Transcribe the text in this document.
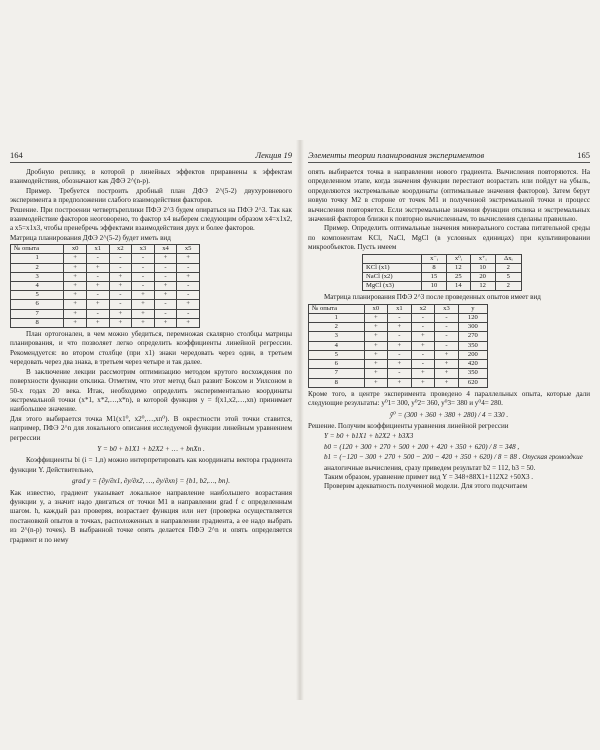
164	Лекция 19

Дробную реплику, в которой р линейных эффектов приравнены к эффектам взаимодействия, обозначают как ДФЭ 2^(n-p).

Пример. Требуется построить дробный план ДФЭ 2^(5-2) двухуровневого эксперимента в предположении слабого взаимодействия факторов.

Решение. При построении четвертьреплики ПФЭ 2^3 будем опираться на ПФЭ 2^3. Так как взаимодействие факторов неоговорено, то фактор x4 выберем следующим образом x4=x1x2, а x5=x1x3, чтобы пренебречь эффектами взаимодействия двух и более факторов.

Матрица планирования ДФЭ 2^(5-2) будет иметь вид

№ опыта	x0	x1	x2	x3	x4	x5
1	+	-	-	-	+	+
2	+	+	-	-	-	-
3	+	-	+	-	-	+
4	+	+	+	-	+	-
5	+	-	-	+	+	-
6	+	+	-	+	-	+
7	+	-	+	+	-	-
8	+	+	+	+	+	+

План ортогонален, в чем можно убедиться, перемножая скалярно столбцы матрицы планирования, и что позволяет легко определить коэффициенты линейной регрессии. Рекомендуется: во втором столбце (при x1) знаки чередовать через один, в третьем чередовать через два знака, в третьем через четыре и так далее.

В заключение лекции рассмотрим оптимизацию методом крутого восхождения по поверхности функции отклика. Отметим, что этот метод был развит Боксом и Уилсоном в 50-х годах 20 века. Итак, необходимо определить экспериментально координаты экстремальной точки (x*1, x*2,…,x*n), в которой функция y = f(x1,x2,…,xn) принимает наибольшее значение.

Для этого выбирается точка M1(x1⁰, x2⁰,…,xn⁰). В окрестности этой точки ставится, например, ПФЭ 2^n для локального описания исследуемой функции линейным уравнением регрессии

Y = b0 + b1X1 + b2X2 + … + bnXn .

Коэффициенты bi (i = 1,n) можно интерпретировать как координаты вектора градиента функции Y. Действительно,

grad y = {∂y/∂x1, ∂y/∂x2, …, ∂y/∂xn} = {b1, b2,…, bn}.

Как известно, градиент указывает локальное направление наибольшего возрастания функции y, а значит надо двигаться от точки M1 в направлении grad f с определенным шагом. h, каждый раз проверяя, возрастает функция или нет (проверка осуществляется постановкой опытов в точках, расположенных в направлении градиента, а ее надо выбрать из 2^(n-p) точек). В выбранной точке опять делается ПФЭ 2^n и опять определяется градиент и по нему

Элементы теории планирования экспериментов	165

опять выбирается точка в направлении нового градиента. Вычисления повторяются. На определенном этапе, когда значения функции перестают возрастать или пойдут на убыль, определяются экстремальные координаты (оптимальные значения факторов). Затем берут новую точку M2 в стороне от точек M1 и полученной экстремальной точки и процесс вычисления повторяется. Если экстремальные значения функции отклика и экстремальных значений факторов близки к повторно вычисленным, то вычисления сделаны правильно.

Пример. Определить оптимальные значения минерального состава питательной среды по компонентам KCl, NaCl, MgCl (в условных единицах) при культивировании микрообъектов. Пусть имеем

	x⁻ᵢ	x⁰ᵢ	x⁺ᵢ	Δxᵢ
KCl (x1)	8	12	10	2
NaCl (x2)	15	25	20	5
MgCl (x3)	10	14	12	2

Матрица планирования ПФЭ 2^3 после проведенных опытов имеет вид

№ опыта	x0	x1	x2	x3	y
1	+	-	-	-	120
2	+	+	-	-	300
3	+	-	+	-	270
4	+	+	+	-	350
5	+	-	-	+	200
6	+	+	-	+	420
7	+	-	+	+	350
8	+	+	+	+	620

Кроме того, в центре эксперимента проведено 4 параллельных опыта, которые дали следующие результаты: y⁰1= 300, y⁰2= 360, y⁰3= 380 и y⁰4= 280.

ȳ⁰ = (300 + 360 + 380 + 280) / 4 = 330 .

Решение. Получим коэффициенты уравнения линейной регрессии

Y = b0 + b1X1 + b2X2 + b3X3
b0 = (120 + 300 + 270 + 500 + 200 + 420 + 350 + 620) / 8 = 348 ,
b1 = (−120 − 300 + 270 + 500 − 200 − 420 + 350 + 620) / 8 = 88 . Опуская громоздкие

аналогичные вычисления, сразу приведем результат b2 = 112, b3 = 50.

Таким образом, уравнение примет вид Y = 348+88X1+112X2 +50X3 .

Проверим адекватность полученной модели. Для этого подсчитаем
